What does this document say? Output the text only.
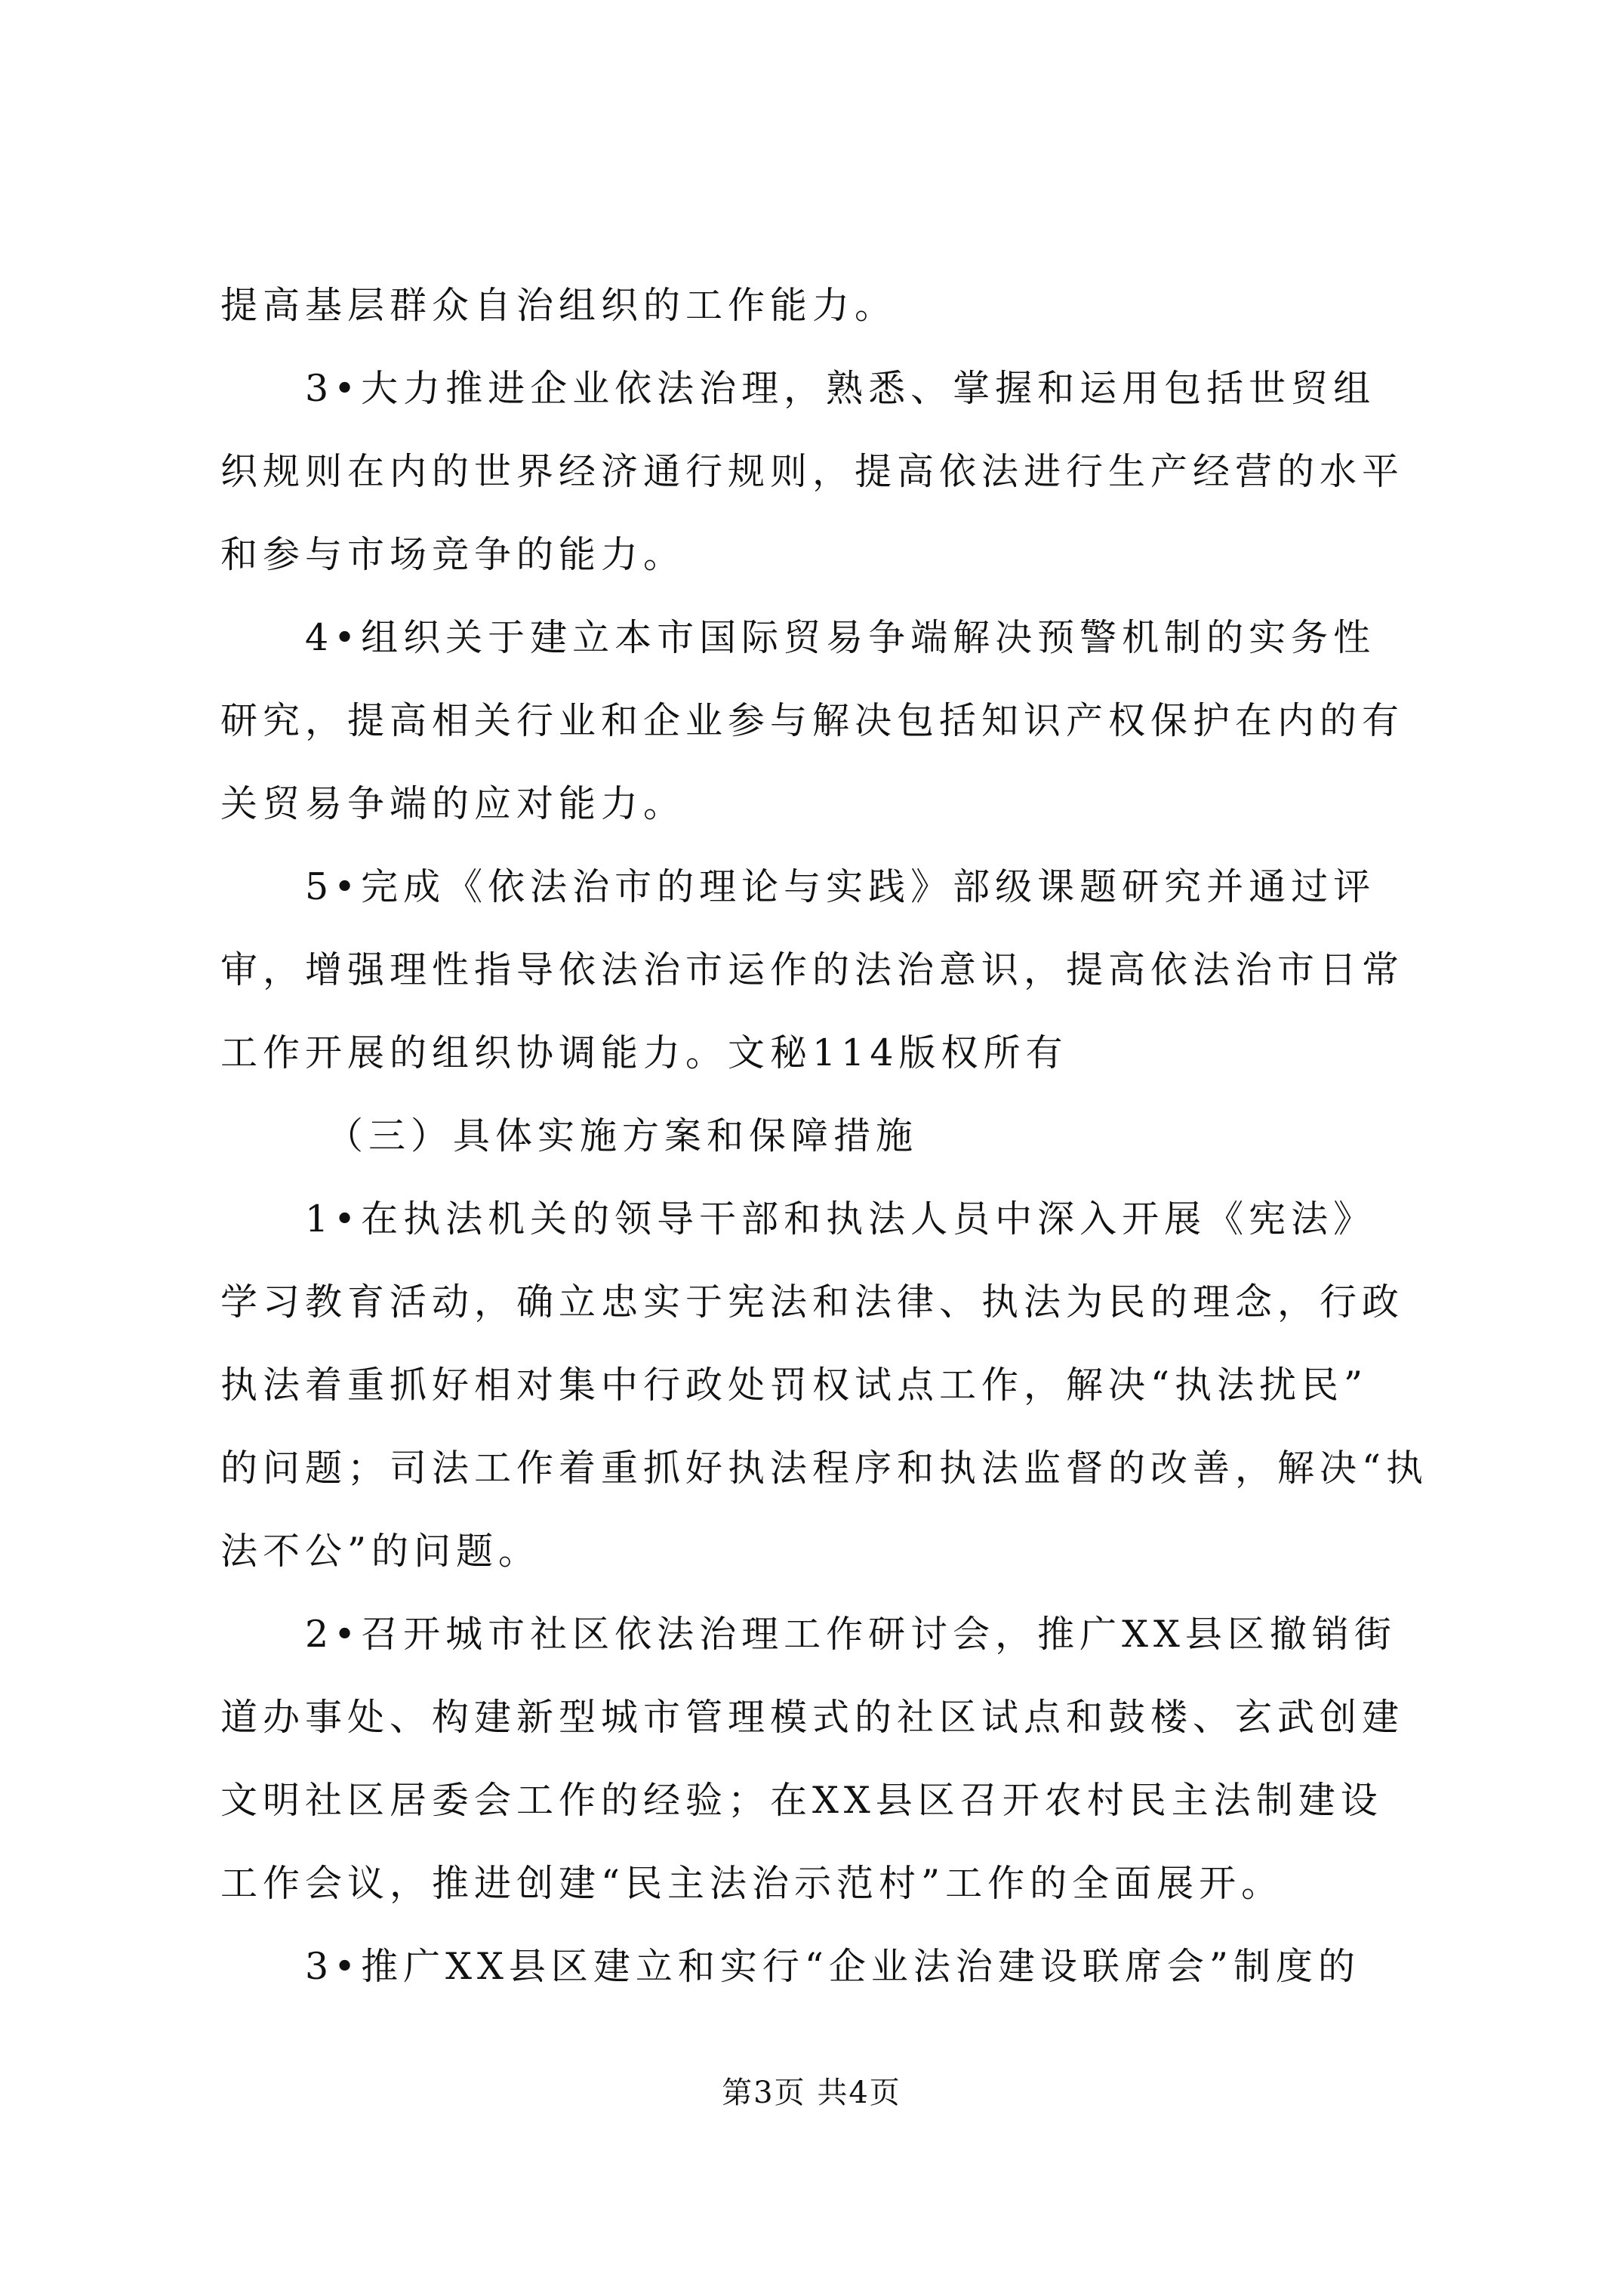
提高基层群众自治组织的工作能力。
3•大力推进企业依法治理，熟悉、掌握和运用包括世贸组
织规则在内的世界经济通行规则，提高依法进行生产经营的水平
和参与市场竞争的能力。
4•组织关于建立本市国际贸易争端解决预警机制的实务性
研究，提高相关行业和企业参与解决包括知识产权保护在内的有
关贸易争端的应对能力。
5•完成《依法治市的理论与实践》部级课题研究并通过评
审，增强理性指导依法治市运作的法治意识，提高依法治市日常
工作开展的组织协调能力。文秘114版权所有
（三）具体实施方案和保障措施
1•在执法机关的领导干部和执法人员中深入开展《宪法》
学习教育活动，确立忠实于宪法和法律、执法为民的理念，行政
执法着重抓好相对集中行政处罚权试点工作，解决“执法扰民”
的问题；司法工作着重抓好执法程序和执法监督的改善，解决“执
法不公”的问题。
2•召开城市社区依法治理工作研讨会，推广XX县区撤销街
道办事处、构建新型城市管理模式的社区试点和鼓楼、玄武创建
文明社区居委会工作的经验；在XX县区召开农村民主法制建设
工作会议，推进创建“民主法治示范村”工作的全面展开。
3•推广XX县区建立和实行“企业法治建设联席会”制度的
第3页 共4页
